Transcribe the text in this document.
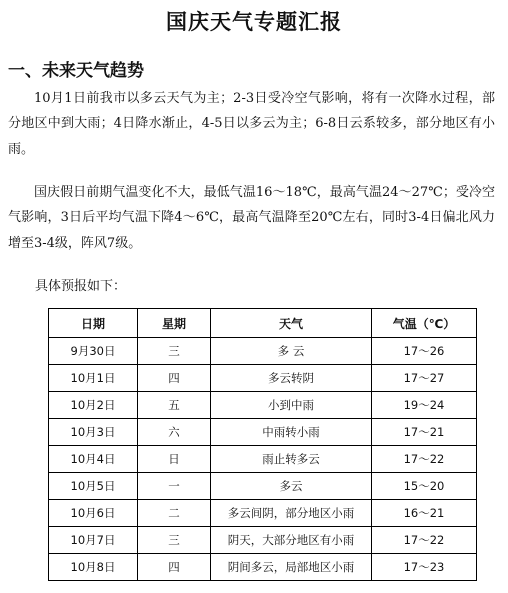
国庆天气专题汇报
一、未来天气趋势

10月1日前我市以多云天气为主；2-3日受冷空气影响，将有一次降水过程，部分地区中到大雨；4日降水渐止，4-5日以多云为主；6-8日云系较多，部分地区有小雨。

国庆假日前期气温变化不大，最低气温16～18℃，最高气温24～27℃；受冷空气影响，3日后平均气温下降4～6℃，最高气温降至20℃左右，同时3-4日偏北风力增至3-4级，阵风7级。

具体预报如下：
日期	星期	天气	气温（℃）
9月30日	三	多 云	17～26
10月1日	四	多云转阴	17～27
10月2日	五	小到中雨	19～24
10月3日	六	中雨转小雨	17～21
10月4日	日	雨止转多云	17～22
10月5日	一	多云	15～20
10月6日	二	多云间阴，部分地区小雨	16～21
10月7日	三	阴天，大部分地区有小雨	17～22
10月8日	四	阴间多云，局部地区小雨	17～23
